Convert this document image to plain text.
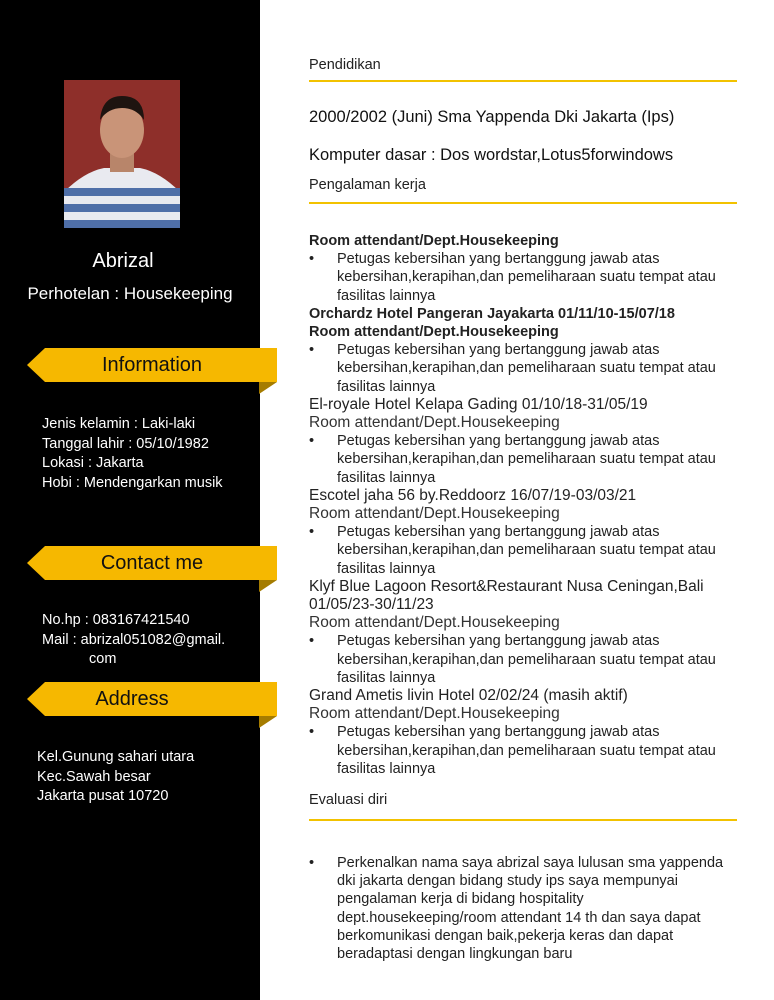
Abrizal
Perhotelan : Housekeeping
Information
Jenis kelamin : Laki-laki
Tanggal lahir : 05/10/1982
Lokasi : Jakarta
Hobi : Mendengarkan musik
Contact me
No.hp : 083167421540
Mail : abrizal051082@gmail.
com
Address
Kel.Gunung sahari utara
Kec.Sawah besar
Jakarta pusat 10720
Pendidikan
2000/2002 (Juni) Sma Yappenda Dki Jakarta (Ips)
Komputer dasar : Dos wordstar,Lotus5forwindows
Pengalaman kerja
Room attendant/Dept.Housekeeping
• Petugas kebersihan yang bertanggung jawab atas kebersihan,kerapihan,dan pemeliharaan suatu tempat atau fasilitas lainnya
Orchardz Hotel Pangeran Jayakarta 01/11/10-15/07/18
Room attendant/Dept.Housekeeping
• Petugas kebersihan yang bertanggung jawab atas kebersihan,kerapihan,dan pemeliharaan suatu tempat atau fasilitas lainnya
El-royale Hotel Kelapa Gading 01/10/18-31/05/19
Room attendant/Dept.Housekeeping
• Petugas kebersihan yang bertanggung jawab atas kebersihan,kerapihan,dan pemeliharaan suatu tempat atau fasilitas lainnya
Escotel jaha 56 by.Reddoorz 16/07/19-03/03/21
Room attendant/Dept.Housekeeping
• Petugas kebersihan yang bertanggung jawab atas kebersihan,kerapihan,dan pemeliharaan suatu tempat atau fasilitas lainnya
Klyf Blue Lagoon Resort&Restaurant Nusa Ceningan,Bali 01/05/23-30/11/23
Room attendant/Dept.Housekeeping
• Petugas kebersihan yang bertanggung jawab atas kebersihan,kerapihan,dan pemeliharaan suatu tempat atau fasilitas lainnya
Grand Ametis livin Hotel 02/02/24 (masih aktif)
Room attendant/Dept.Housekeeping
• Petugas kebersihan yang bertanggung jawab atas kebersihan,kerapihan,dan pemeliharaan suatu tempat atau fasilitas lainnya
Evaluasi diri
• Perkenalkan nama saya abrizal saya lulusan sma yappenda dki jakarta dengan bidang study ips saya mempunyai pengalaman kerja di bidang hospitality dept.housekeeping/room attendant 14 th dan saya dapat berkomunikasi dengan baik,pekerja keras dan dapat beradaptasi dengan lingkungan baru
